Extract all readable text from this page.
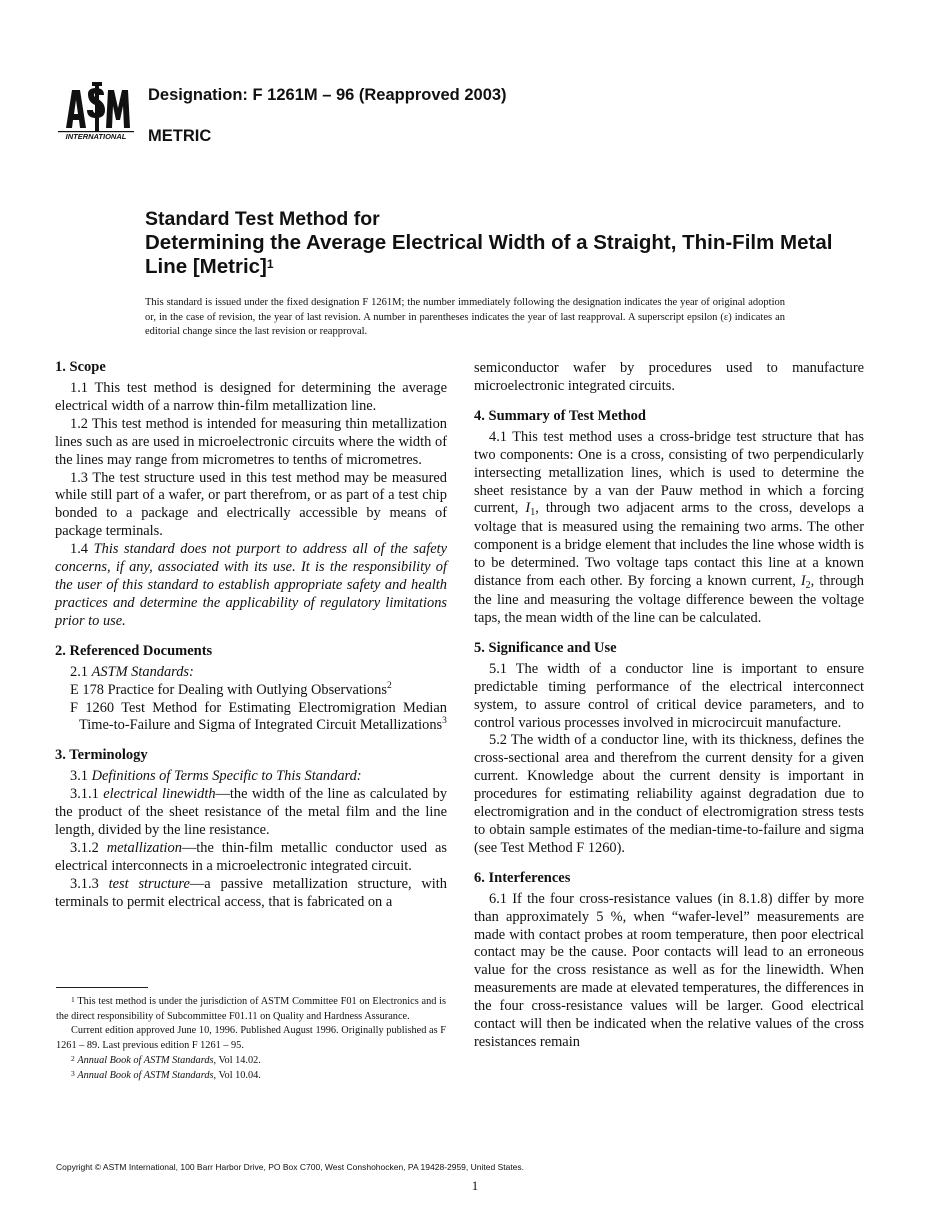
INTERNATIONAL
Designation: F 1261M – 96 (Reapproved 2003)
METRIC
Standard Test Method for
Determining the Average Electrical Width of a Straight, Thin-Film Metal Line [Metric]$^1$
This standard is issued under the fixed designation F 1261M; the number immediately following the designation indicates the year of original adoption or, in the case of revision, the year of last revision. A number in parentheses indicates the year of last reapproval. A superscript epsilon (ε) indicates an editorial change since the last revision or reapproval.
1. Scope

1.1 This test method is designed for determining the average electrical width of a narrow thin-film metallization line.

1.2 This test method is intended for measuring thin metallization lines such as are used in microelectronic circuits where the width of the lines may range from micrometres to tenths of micrometres.

1.3 The test structure used in this test method may be measured while still part of a wafer, or part therefrom, or as part of a test chip bonded to a package and electrically accessible by means of package terminals.

1.4 This standard does not purport to address all of the safety concerns, if any, associated with its use. It is the responsibility of the user of this standard to establish appropriate safety and health practices and determine the applicability of regulatory limitations prior to use.

2. Referenced Documents

2.1 ASTM Standards:

E 178 Practice for Dealing with Outlying Observations$^2$

F 1260 Test Method for Estimating Electromigration Median Time-to-Failure and Sigma of Integrated Circuit Metallizations$^3$

3. Terminology

3.1 Definitions of Terms Specific to This Standard:

3.1.1 electrical linewidth—the width of the line as calculated by the product of the sheet resistance of the metal film and the line length, divided by the line resistance.

3.1.2 metallization—the thin-film metallic conductor used as electrical interconnects in a microelectronic integrated circuit.

3.1.3 test structure—a passive metallization structure, with terminals to permit electrical access, that is fabricated on a

$^1$ This test method is under the jurisdiction of ASTM Committee F01 on Electronics and is the direct responsibility of Subcommittee F01.11 on Quality and Hardness Assurance.

Current edition approved June 10, 1996. Published August 1996. Originally published as F 1261 – 89. Last previous edition F 1261 – 95.

$^2$ Annual Book of ASTM Standards, Vol 14.02.

$^3$ Annual Book of ASTM Standards, Vol 10.04.

semiconductor wafer by procedures used to manufacture microelectronic integrated circuits.

4. Summary of Test Method

4.1 This test method uses a cross-bridge test structure that has two components: One is a cross, consisting of two perpendicularly intersecting metallization lines, which is used to determine the sheet resistance by a van der Pauw method in which a forcing current, $I_1$, through two adjacent arms to the cross, develops a voltage that is measured using the remaining two arms. The other component is a bridge element that includes the line whose width is to be determined. Two voltage taps contact this line at a known distance from each other. By forcing a known current, $I_2$, through the line and measuring the voltage difference beween the voltage taps, the mean width of the line can be calculated.

5. Significance and Use

5.1 The width of a conductor line is important to ensure predictable timing performance of the electrical interconnect system, to assure control of critical device parameters, and to control various processes involved in microcircuit manufacture.

5.2 The width of a conductor line, with its thickness, defines the cross-sectional area and therefrom the current density for a given current. Knowledge about the current density is important in procedures for estimating reliability against degradation due to electromigration and in the conduct of electromigration stress tests to obtain sample estimates of the median-time-to-failure and sigma (see Test Method F 1260).

6. Interferences

6.1 If the four cross-resistance values (in 8.1.8) differ by more than approximately 5 %, when “wafer-level” measurements are made with contact probes at room temperature, then poor electrical contact may be the cause. Poor contacts will lead to an erroneous value for the cross resistance as well as for the linewidth. When measurements are made at elevated temperatures, the differences in the four cross-resistance values will be larger. Good electrical contact will then be indicated when the relative values of the cross resistances remain

Copyright © ASTM International, 100 Barr Harbor Drive, PO Box C700, West Conshohocken, PA 19428-2959, United States.
1
